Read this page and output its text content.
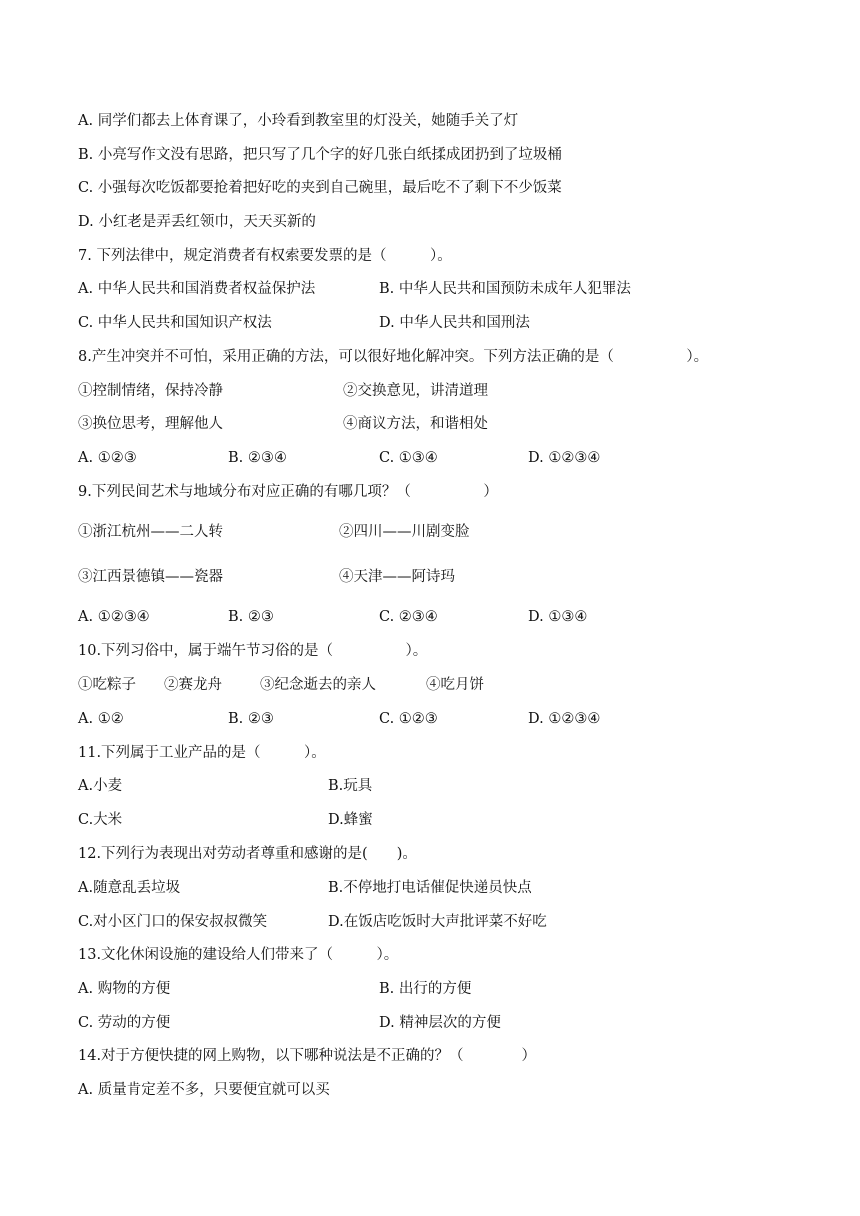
A. 同学们都去上体育课了，小玲看到教室里的灯没关，她随手关了灯
B. 小亮写作文没有思路，把只写了几个字的好几张白纸揉成团扔到了垃圾桶
C. 小强每次吃饭都要抢着把好吃的夹到自己碗里，最后吃不了剩下不少饭菜
D. 小红老是弄丢红领巾，天天买新的
7. 下列法律中，规定消费者有权索要发票的是（　　　）。
A. 中华人民共和国消费者权益保护法	B. 中华人民共和国预防未成年人犯罪法
C. 中华人民共和国知识产权法	D. 中华人民共和国刑法
8.产生冲突并不可怕，采用正确的方法，可以很好地化解冲突。下列方法正确的是（　　　　　）。
①控制情绪，保持冷静	②交换意见，讲清道理
③换位思考，理解他人	④商议方法，和谐相处
A. ①②③	B. ②③④	C. ①③④	D. ①②③④
9.下列民间艺术与地域分布对应正确的有哪几项？（　　　　　）
①浙江杭州——二人转	②四川——川剧变脸
③江西景德镇——瓷器	④天津——阿诗玛
A. ①②③④	B. ②③	C. ②③④	D. ①③④
10.下列习俗中，属于端午节习俗的是（　　　　　）。
①吃粽子 ②赛龙舟	③纪念逝去的亲人	④吃月饼
A. ①②	B. ②③	C. ①②③	D. ①②③④
11.下列属于工业产品的是（　　　）。
A.小麦	B.玩具
C.大米	D.蜂蜜
12.下列行为表现出对劳动者尊重和感谢的是(　　)。
A.随意乱丢垃圾	B.不停地打电话催促快递员快点
C.对小区门口的保安叔叔微笑	D.在饭店吃饭时大声批评菜不好吃
13.文化休闲设施的建设给人们带来了（　　　）。
A. 购物的方便	B. 出行的方便
C. 劳动的方便	D. 精神层次的方便
14.对于方便快捷的网上购物，以下哪种说法是不正确的？（　　　　）
A. 质量肯定差不多，只要便宜就可以买
